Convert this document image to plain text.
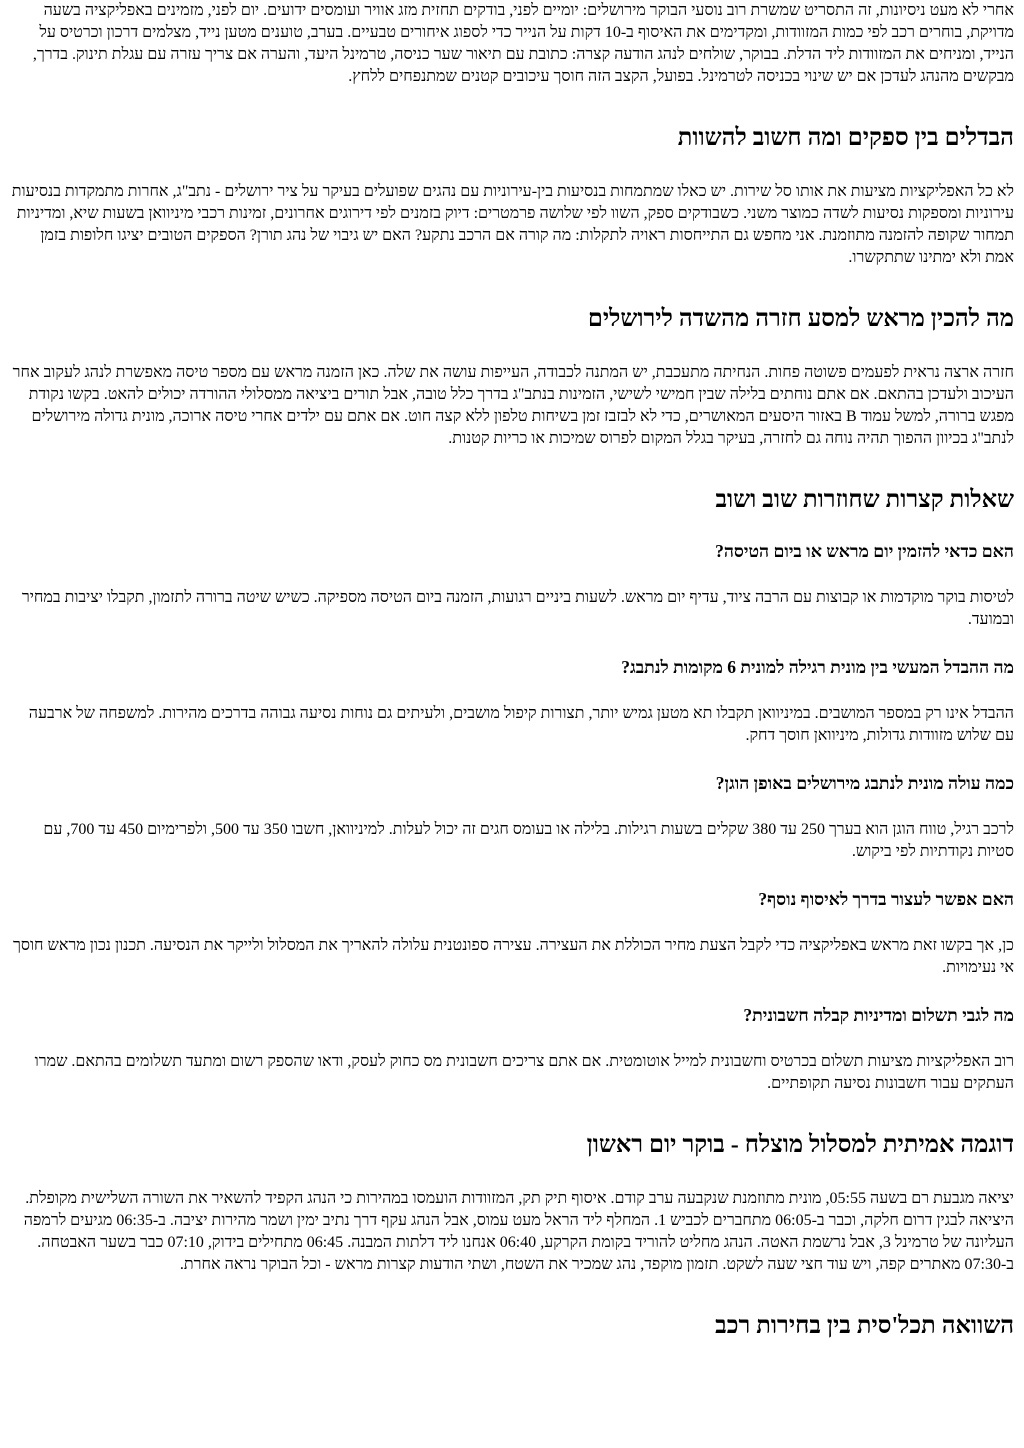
אחרי לא מעט ניסיונות, זה התסריט שמשרת רוב נוסעי הבוקר מירושלים: יומיים לפני, בודקים תחזית מזג אוויר ועומסים ידועים. יום לפני, מזמינים באפליקציה בשעה מדויקת, בוחרים רכב לפי כמות המזוודות, ומקדימים את האיסוף ב-10 דקות על הנייר כדי לספוג איחורים טבעיים. בערב, טוענים מטען נייד, מצלמים דרכון וכרטיס על הנייד, ומניחים את המזוודות ליד הדלת. בבוקר, שולחים לנהג הודעה קצרה: כתובת עם תיאור שער כניסה, טרמינל היעד, והערה אם צריך עזרה עם עגלת תינוק. בדרך, מבקשים מהנהג לעדכן אם יש שינוי בכניסה לטרמינל. בפועל, הקצב הזה חוסך עיכובים קטנים שמתנפחים ללחץ.

הבדלים בין ספקים ומה חשוב להשוות

לא כל האפליקציות מציעות את אותו סל שירות. יש כאלו שמתמחות בנסיעות בין-עירוניות עם נהגים שפועלים בעיקר על ציר ירושלים - נתב"ג, אחרות מתמקדות בנסיעות עירוניות ומספקות נסיעות לשדה כמוצר משני. כשבודקים ספק, השוו לפי שלושה פרמטרים: דיוק בזמנים לפי דירוגים אחרונים, זמינות רכבי מיניוואן בשעות שיא, ומדיניות תמחור שקופה להזמנה מתוזמנת. אני מחפש גם התייחסות ראויה לתקלות: מה קורה אם הרכב נתקע? האם יש גיבוי של נהג תורן? הספקים הטובים יציגו חלופות בזמן אמת ולא ימתינו שתתקשרו.

מה להכין מראש למסע חזרה מהשדה לירושלים

חזרה ארצה נראית לפעמים פשוטה פחות. הנחיתה מתעכבת, יש המתנה לכבודה, העייפות עושה את שלה. כאן הזמנה מראש עם מספר טיסה מאפשרת לנהג לעקוב אחר העיכוב ולעדכן בהתאם. אם אתם נוחתים בלילה שבין חמישי לשישי, הזמינות בנתב"ג בדרך כלל טובה, אבל תורים ביציאה ממסלולי ההורדה יכולים להאט. בקשו נקודת מפגש ברורה, למשל עמוד B באזור היסעים המאושרים, כדי לא לבזבז זמן בשיחות טלפון ללא קצה חוט. אם אתם עם ילדים אחרי טיסה ארוכה, מונית גדולה מירושלים לנתב"ג בכיוון ההפוך תהיה נוחה גם לחזרה, בעיקר בגלל המקום לפרוס שמיכות או כריות קטנות.

שאלות קצרות שחוזרות שוב ושוב
האם כדאי להזמין יום מראש או ביום הטיסה?

לטיסות בוקר מוקדמות או קבוצות עם הרבה ציוד, עדיף יום מראש. לשעות ביניים רגועות, הזמנה ביום הטיסה מספיקה. כשיש שיטה ברורה לתזמון, תקבלו יציבות במחיר ובמועד.

מה ההבדל המעשי בין מונית רגילה למונית 6 מקומות לנתבג?

ההבדל אינו רק במספר המושבים. במיניוואן תקבלו תא מטען גמיש יותר, תצורות קיפול מושבים, ולעיתים גם נוחות נסיעה גבוהה בדרכים מהירות. למשפחה של ארבעה עם שלוש מזוודות גדולות, מיניוואן חוסך דחק.

כמה עולה מונית לנתבג מירושלים באופן הוגן?

לרכב רגיל, טווח הוגן הוא בערך 250 עד 380 שקלים בשעות רגילות. בלילה או בעומס חגים זה יכול לעלות. למיניוואן, חשבו 350 עד 500, ולפרימיום 450 עד 700, עם סטיות נקודתיות לפי ביקוש.

האם אפשר לעצור בדרך לאיסוף נוסף?

כן, אך בקשו זאת מראש באפליקציה כדי לקבל הצעת מחיר הכוללת את העצירה. עצירה ספונטנית עלולה להאריך את המסלול ולייקר את הנסיעה. תכנון נכון מראש חוסך אי נעימויות.

מה לגבי תשלום ומדיניות קבלה חשבונית?

רוב האפליקציות מציעות תשלום בכרטיס וחשבונית למייל אוטומטית. אם אתם צריכים חשבונית מס כחוק לעסק, ודאו שהספק רשום ומתעד תשלומים בהתאם. שמרו העתקים עבור חשבונות נסיעה תקופתיים.

דוגמה אמיתית למסלול מוצלח - בוקר יום ראשון

יציאה מגבעת רם בשעה 05:55, מונית מתוזמנת שנקבעה ערב קודם. איסוף תיק תק, המזוודות הועמסו במהירות כי הנהג הקפיד להשאיר את השורה השלישית מקופלת. היציאה לבגין דרום חלקה, וכבר ב-06:05 מתחברים לכביש 1. המחלף ליד הראל מעט עמוס, אבל הנהג עקף דרך נתיב ימין ושמר מהירות יציבה. ב-06:35 מגיעים לרמפה העליונה של טרמינל 3, אבל נרשמת האטה. הנהג מחליט להוריד בקומת הקרקע, 06:40 אנחנו ליד דלתות המבנה. 06:45 מתחילים בידוק, 07:10 כבר בשער האבטחה. ב-07:30 מאתרים קפה, ויש עוד חצי שעה לשקט. תזמון מוקפד, נהג שמכיר את השטח, ושתי הודעות קצרות מראש - וכל הבוקר נראה אחרת.

השוואה תכל'סית בין בחירות רכב
